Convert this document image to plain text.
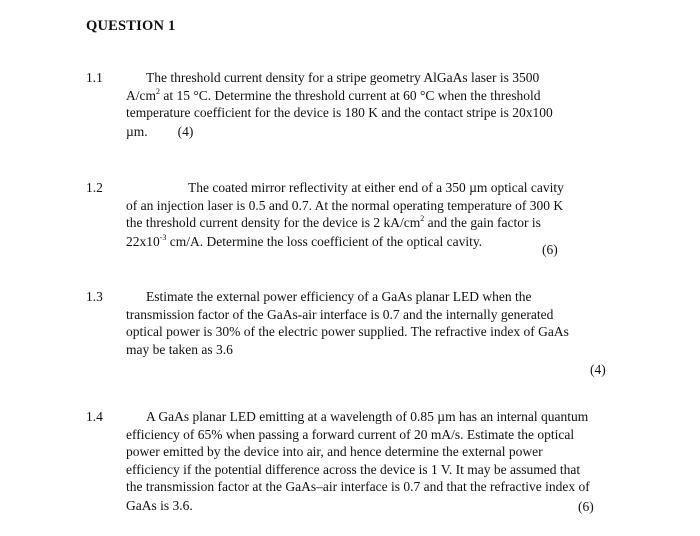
QUESTION 1
1.1	The threshold current density for a stripe geometry AlGaAs laser is 3500
$A/cm^2$ at 15 °C. Determine the threshold current at 60 °C when the threshold
temperature coefficient for the device is 180 K and the contact stripe is 20x100
µm. (4)
1.2	The coated mirror reflectivity at either end of a 350 µm optical cavity
of an injection laser is 0.5 and 0.7. At the normal operating temperature of 300 K
the threshold current density for the device is 2 $kA/cm^2$ and the gain factor is
$22x10^{-3}$ cm/A. Determine the loss coefficient of the optical cavity.
(6)
1.3	Estimate the external power efficiency of a GaAs planar LED when the
transmission factor of the GaAs-air interface is 0.7 and the internally generated
optical power is 30% of the electric power supplied. The refractive index of GaAs
may be taken as 3.6
(4)
1.4	A GaAs planar LED emitting at a wavelength of 0.85 µm has an internal quantum
efficiency of 65% when passing a forward current of 20 mA/s. Estimate the optical
power emitted by the device into air, and hence determine the external power
efficiency if the potential difference across the device is 1 V. It may be assumed that
the transmission factor at the GaAs–air interface is 0.7 and that the refractive index of
GaAs is 3.6.	(6)
